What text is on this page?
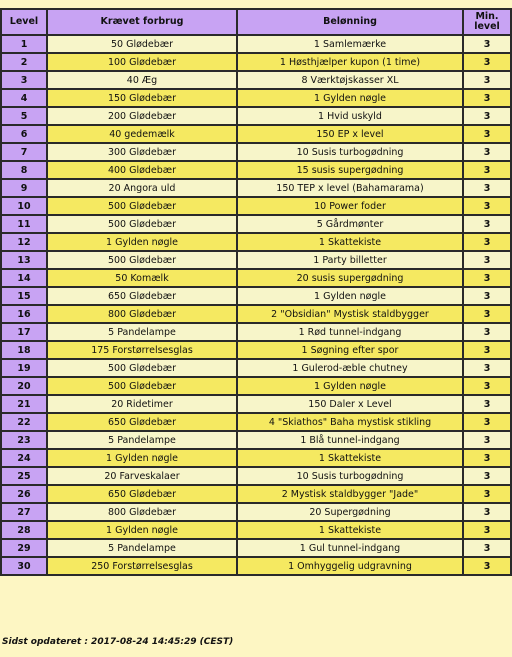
Level	Krævet forbrug	Belønning	Min.
level
1	50 Glødebær	1 Samlemærke	3
2	100 Glødebær	1 Høsthjælper kupon (1 time)	3
3	40 Æg	8 Værktøjskasser XL	3
4	150 Glødebær	1 Gylden nøgle	3
5	200 Glødebær	1 Hvid uskyld	3
6	40 gedemælk	150 EP x level	3
7	300 Glødebær	10 Susis turbogødning	3
8	400 Glødebær	15 susis supergødning	3
9	20 Angora uld	150 TEP x level (Bahamarama)	3
10	500 Glødebær	10 Power foder	3
11	500 Glødebær	5 Gårdmønter	3
12	1 Gylden nøgle	1 Skattekiste	3
13	500 Glødebær	1 Party billetter	3
14	50 Komælk	20 susis supergødning	3
15	650 Glødebær	1 Gylden nøgle	3
16	800 Glødebær	2 "Obsidian" Mystisk staldbygger	3
17	5 Pandelampe	1 Rød tunnel-indgang	3
18	175 Forstørrelsesglas	1 Søgning efter spor	3
19	500 Glødebær	1 Gulerod-æble chutney	3
20	500 Glødebær	1 Gylden nøgle	3
21	20 Ridetimer	150 Daler x Level	3
22	650 Glødebær	4 "Skiathos" Baha mystisk stikling	3
23	5 Pandelampe	1 Blå tunnel-indgang	3
24	1 Gylden nøgle	1 Skattekiste	3
25	20 Farveskalaer	10 Susis turbogødning	3
26	650 Glødebær	2 Mystisk staldbygger "Jade"	3
27	800 Glødebær	20 Supergødning	3
28	1 Gylden nøgle	1 Skattekiste	3
29	5 Pandelampe	1 Gul tunnel-indgang	3
30	250 Forstørrelsesglas	1 Omhyggelig udgravning	3
Sidst opdateret : 2017-08-24 14:45:29 (CEST)
